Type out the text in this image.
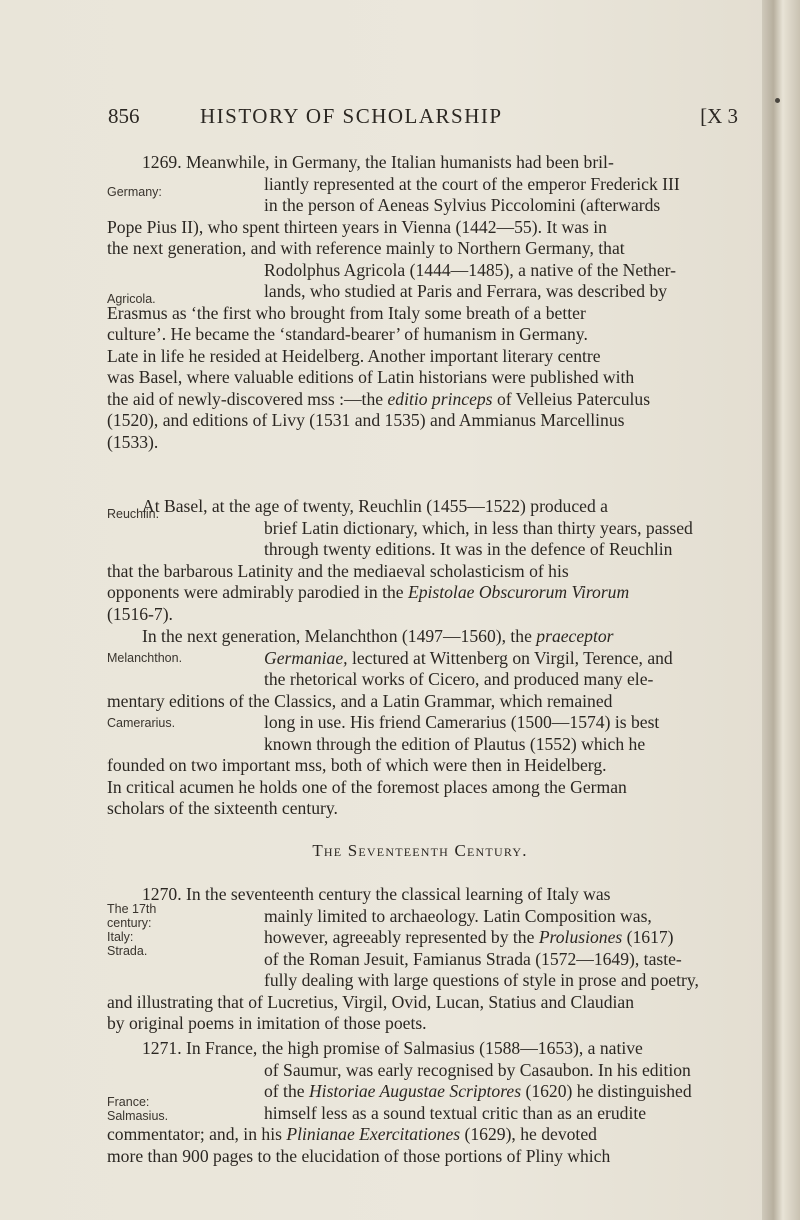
856	HISTORY OF SCHOLARSHIP	[X 3
Germany:
Agricola.
Reuchlin.
Melanchthon.
Camerarius.
The 17th
century:
Italy:
Strada.
France:
Salmasius.
1269. Meanwhile, in Germany, the Italian humanists had been bril-
liantly represented at the court of the emperor Frederick III
in the person of Aeneas Sylvius Piccolomini (afterwards
Pope Pius II), who spent thirteen years in Vienna (1442—55). It was in
the next generation, and with reference mainly to Northern Germany, that
Rodolphus Agricola (1444—1485), a native of the Nether-
lands, who studied at Paris and Ferrara, was described by
Erasmus as ‘the first who brought from Italy some breath of a better
culture’. He became the ‘standard-bearer’ of humanism in Germany.
Late in life he resided at Heidelberg. Another important literary centre
was Basel, where valuable editions of Latin historians were published with
the aid of newly-discovered mss :—the editio princeps of Velleius Paterculus
(1520), and editions of Livy (1531 and 1535) and Ammianus Marcellinus
(1533).
At Basel, at the age of twenty, Reuchlin (1455—1522) produced a
brief Latin dictionary, which, in less than thirty years, passed
through twenty editions. It was in the defence of Reuchlin
that the barbarous Latinity and the mediaeval scholasticism of his
opponents were admirably parodied in the Epistolae Obscurorum Virorum
(1516-7).
In the next generation, Melanchthon (1497—1560), the praeceptor
Germaniae, lectured at Wittenberg on Virgil, Terence, and
the rhetorical works of Cicero, and produced many ele-
mentary editions of the Classics, and a Latin Grammar, which remained
long in use. His friend Camerarius (1500—1574) is best
known through the edition of Plautus (1552) which he
founded on two important mss, both of which were then in Heidelberg.
In critical acumen he holds one of the foremost places among the German
scholars of the sixteenth century.
The Seventeenth Century.
1270. In the seventeenth century the classical learning of Italy was
mainly limited to archaeology. Latin Composition was,
however, agreeably represented by the Prolusiones (1617)
of the Roman Jesuit, Famianus Strada (1572—1649), taste-
fully dealing with large questions of style in prose and poetry,
and illustrating that of Lucretius, Virgil, Ovid, Lucan, Statius and Claudian
by original poems in imitation of those poets.
1271. In France, the high promise of Salmasius (1588—1653), a native
of Saumur, was early recognised by Casaubon. In his edition
of the Historiae Augustae Scriptores (1620) he distinguished
himself less as a sound textual critic than as an erudite
commentator; and, in his Plinianae Exercitationes (1629), he devoted
more than 900 pages to the elucidation of those portions of Pliny which
